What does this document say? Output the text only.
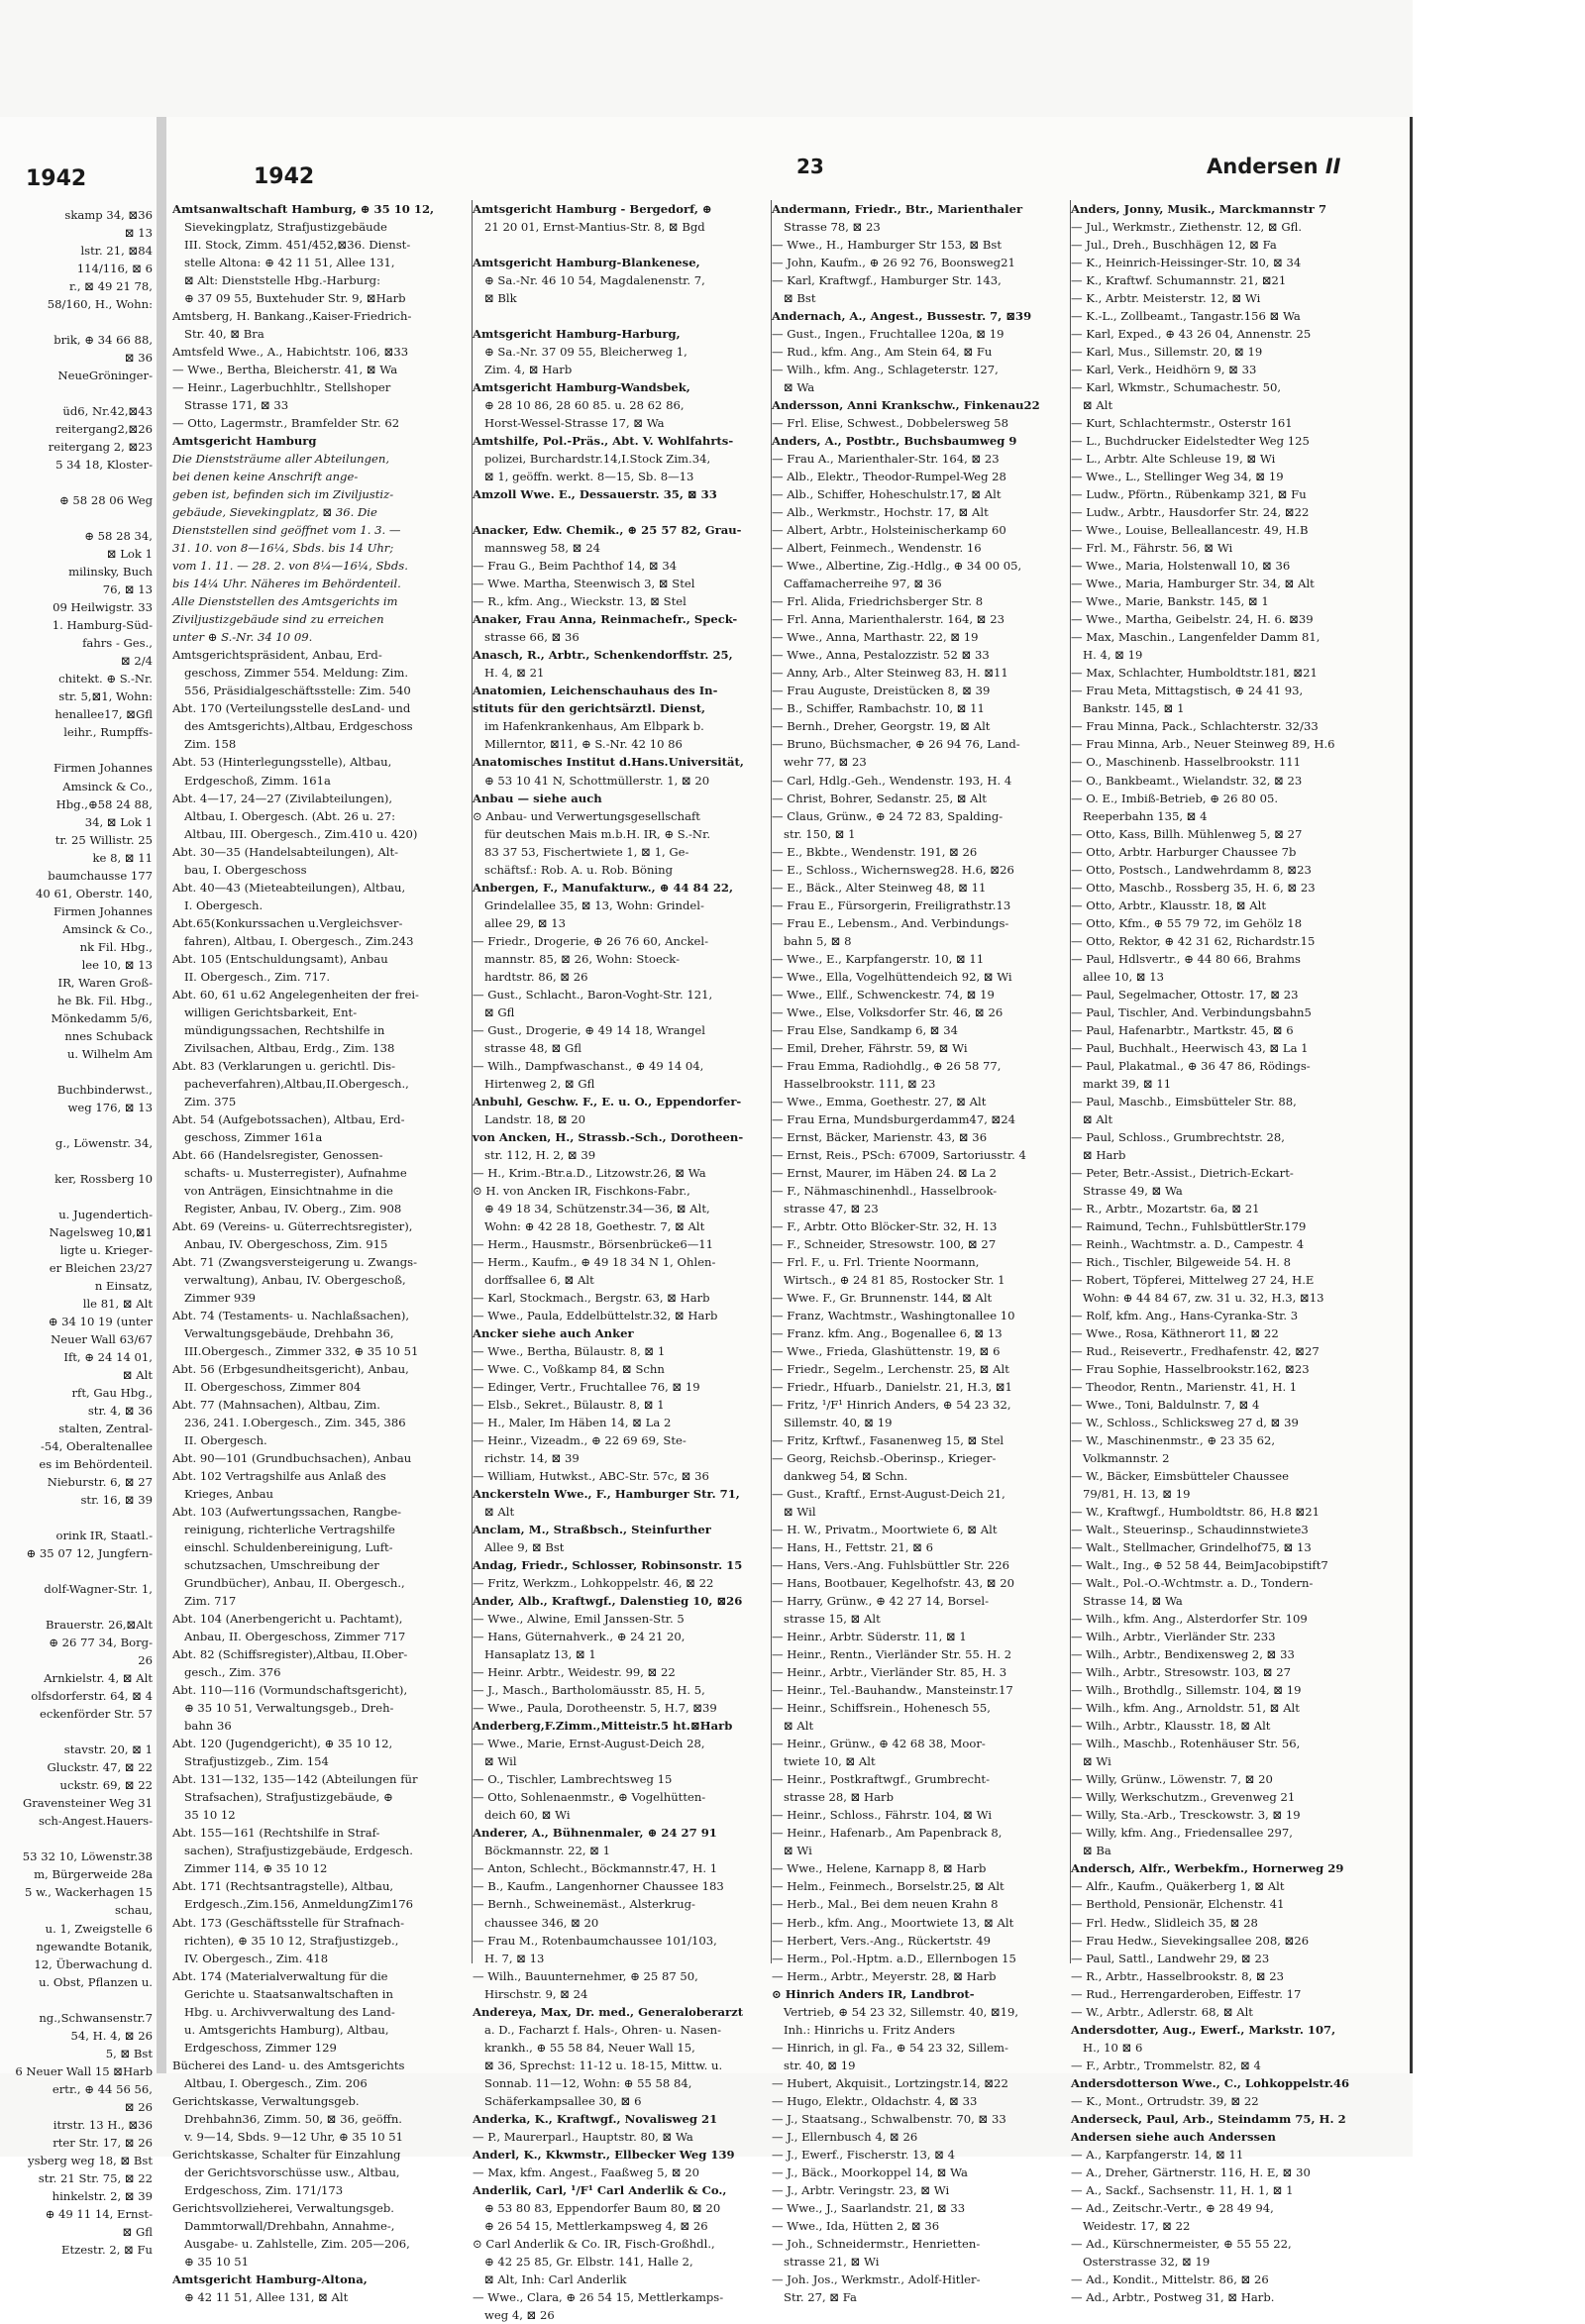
1942
skamp 34, ⊠36
⊠ 13
lstr. 21, ⊠84
114/116, ⊠ 6
r., ⊠ 49 21 78,
58/160, H., Wohn:

brik, ⊕ 34 66 88,
⊠ 36
NeueGröninger-

üd6, Nr.42,⊠43
reitergang2,⊠26
reitergang 2, ⊠23
5 34 18, Kloster-

⊕ 58 28 06 Weg

⊕ 58 28 34,
⊠ Lok 1
milinsky, Buch
76, ⊠ 13
09 Heilwigstr. 33
1. Hamburg-Süd-
fahrs - Ges.,
⊠ 2/4
chitekt. ⊕ S.-Nr.
str. 5,⊠1, Wohn:
henallee17, ⊠Gfl
leihr., Rumpffs-

Firmen Johannes
Amsinck & Co.,
Hbg.,⊕58 24 88,
34, ⊠ Lok 1
tr. 25 Willistr. 25
ke 8, ⊠ 11
baumchausse 177
40 61, Oberstr. 140,
Firmen Johannes
Amsinck & Co.,
nk Fil. Hbg.,
lee 10, ⊠ 13
IR, Waren Groß-
he Bk. Fil. Hbg.,
Mönkedamm 5/6,
nnes Schuback
u. Wilhelm Am

Buchbinderwst.,
weg 176, ⊠ 13

g., Löwenstr. 34,

ker, Rossberg 10

u. Jugendertich-
Nagelsweg 10,⊠1
ligte u. Krieger-
er Bleichen 23/27
n Einsatz,
lle 81, ⊠ Alt
⊕ 34 10 19 (unter
Neuer Wall 63/67
Ift, ⊕ 24 14 01,
⊠ Alt
rft, Gau Hbg.,
str. 4, ⊠ 36
stalten, Zentral-
-54, Oberaltenallee
es im Behördenteil.
Nieburstr. 6, ⊠ 27
str. 16, ⊠ 39

orink IR, Staatl.-
⊕ 35 07 12, Jungfern-

dolf-Wagner-Str. 1,

Brauerstr. 26,⊠Alt
⊕ 26 77 34, Borg-
26
Arnkielstr. 4, ⊠ Alt
olfsdorferstr. 64, ⊠ 4
eckenförder Str. 57

stavstr. 20, ⊠ 1
Gluckstr. 47, ⊠ 22
uckstr. 69, ⊠ 22
Gravensteiner Weg 31
sch-Angest.Hauers-

53 32 10, Löwenstr.38
m, Bürgerweide 28a
5 w., Wackerhagen 15
schau,
u. 1, Zweigstelle 6
ngewandte Botanik,
12, Überwachung d.
u. Obst, Pflanzen u.

ng.,Schwansenstr.7
54, H. 4, ⊠ 26
5, ⊠ Bst
6 Neuer Wall 15 ⊠Harb
ertr., ⊕ 44 56 56,
⊠ 26
itrstr. 13 H., ⊠36
rter Str. 17, ⊠ 26
ysberg weg 18, ⊠ Bst
str. 21 Str. 75, ⊠ 22
hinkelstr. 2, ⊠ 39
⊕ 49 11 14, Ernst-
⊠ Gfl
Etzestr. 2, ⊠ Fu
1942	23	Andersen II
Amtsanwaltschaft Hamburg, ⊕ 35 10 12,
Sievekingplatz, Strafjustizgebäude
III. Stock, Zimm. 451/452,⊠36. Dienst-
stelle Altona: ⊕ 42 11 51, Allee 131,
⊠ Alt: Dienststelle Hbg.-Harburg:
⊕ 37 09 55, Buxtehuder Str. 9, ⊠Harb
Amtsberg, H. Bankang.,Kaiser-Friedrich-
Str. 40, ⊠ Bra
Amtsfeld Wwe., A., Habichtstr. 106, ⊠33
— Wwe., Bertha, Bleicherstr. 41, ⊠ Wa
— Heinr., Lagerbuchhltr., Stellshoper
Strasse 171, ⊠ 33
— Otto, Lagermstr., Bramfelder Str. 62
Amtsgericht Hamburg
Die Dienststräume aller Abteilungen,
bei denen keine Anschrift ange-
geben ist, befinden sich im Ziviljustiz-
gebäude, Sievekingplatz, ⊠ 36. Die
Dienststellen sind geöffnet vom 1. 3. —
31. 10. von 8—16¼, Sbds. bis 14 Uhr;
vom 1. 11. — 28. 2. von 8¼—16¼, Sbds.
bis 14¼ Uhr. Näheres im Behördenteil.
Alle Dienststellen des Amtsgerichts im
Ziviljustizgebäude sind zu erreichen
unter ⊕ S.-Nr. 34 10 09.
Amtsgerichtspräsident, Anbau, Erd-
geschoss, Zimmer 554. Meldung: Zim.
556, Präsidialgeschäftsstelle: Zim. 540
Abt. 170 (Verteilungsstelle desLand- und
des Amtsgerichts),Altbau, Erdgeschoss
Zim. 158
Abt. 53 (Hinterlegungsstelle), Altbau,
Erdgeschoß, Zimm. 161a
Abt. 4—17, 24—27 (Zivilabteilungen),
Altbau, I. Obergesch. (Abt. 26 u. 27:
Altbau, III. Obergesch., Zim.410 u. 420)
Abt. 30—35 (Handelsabteilungen), Alt-
bau, I. Obergeschoss
Abt. 40—43 (Mieteabteilungen), Altbau,
I. Obergesch.
Abt.65(Konkurssachen u.Vergleichsver-
fahren), Altbau, I. Obergesch., Zim.243
Abt. 105 (Entschuldungsamt), Anbau
II. Obergesch., Zim. 717.
Abt. 60, 61 u.62 Angelegenheiten der frei-
willigen Gerichtsbarkeit, Ent-
mündigungssachen, Rechtshilfe in
Zivilsachen, Altbau, Erdg., Zim. 138
Abt. 83 (Verklarungen u. gerichtl. Dis-
pacheverfahren),Altbau,II.Obergesch.,
Zim. 375
Abt. 54 (Aufgebotssachen), Altbau, Erd-
geschoss, Zimmer 161a
Abt. 66 (Handelsregister, Genossen-
schafts- u. Musterregister), Aufnahme
von Anträgen, Einsichtnahme in die
Register, Anbau, IV. Oberg., Zim. 908
Abt. 69 (Vereins- u. Güterrechtsregister),
Anbau, IV. Obergeschoss, Zim. 915
Abt. 71 (Zwangsversteigerung u. Zwangs-
verwaltung), Anbau, IV. Obergeschoß,
Zimmer 939
Abt. 74 (Testaments- u. Nachlaßsachen),
Verwaltungsgebäude, Drehbahn 36,
III.Obergesch., Zimmer 332, ⊕ 35 10 51
Abt. 56 (Erbgesundheitsgericht), Anbau,
II. Obergeschoss, Zimmer 804
Abt. 77 (Mahnsachen), Altbau, Zim.
236, 241. I.Obergesch., Zim. 345, 386
II. Obergesch.
Abt. 90—101 (Grundbuchsachen), Anbau
Abt. 102 Vertragshilfe aus Anlaß des
Krieges, Anbau
Abt. 103 (Aufwertungssachen, Rangbe-
reinigung, richterliche Vertragshilfe
einschl. Schuldenbereinigung, Luft-
schutzsachen, Umschreibung der
Grundbücher), Anbau, II. Obergesch.,
Zim. 717
Abt. 104 (Anerbengericht u. Pachtamt),
Anbau, II. Obergeschoss, Zimmer 717
Abt. 82 (Schiffsregister),Altbau, II.Ober-
gesch., Zim. 376
Abt. 110—116 (Vormundschaftsgericht),
⊕ 35 10 51, Verwaltungsgeb., Dreh-
bahn 36
Abt. 120 (Jugendgericht), ⊕ 35 10 12,
Strafjustizgeb., Zim. 154
Abt. 131—132, 135—142 (Abteilungen für
Strafsachen), Strafjustizgebäude, ⊕
35 10 12
Abt. 155—161 (Rechtshilfe in Straf-
sachen), Strafjustizgebäude, Erdgesch.
Zimmer 114, ⊕ 35 10 12
Abt. 171 (Rechtsantragstelle), Altbau,
Erdgesch.,Zim.156, AnmeldungZim176
Abt. 173 (Geschäftsstelle für Strafnach-
richten), ⊕ 35 10 12, Strafjustizgeb.,
IV. Obergesch., Zim. 418
Abt. 174 (Materialverwaltung für die
Gerichte u. Staatsanwaltschaften in
Hbg. u. Archivverwaltung des Land-
u. Amtsgerichts Hamburg), Altbau,
Erdgeschoss, Zimmer 129
Bücherei des Land- u. des Amtsgerichts
Altbau, I. Obergesch., Zim. 206
Gerichtskasse, Verwaltungsgeb.
Drehbahn36, Zimm. 50, ⊠ 36, geöffn.
v. 9—14, Sbds. 9—12 Uhr, ⊕ 35 10 51
Gerichtskasse, Schalter für Einzahlung
der Gerichtsvorschüsse usw., Altbau,
Erdgeschoss, Zim. 171/173
Gerichtsvollzieherei, Verwaltungsgeb.
Dammtorwall/Drehbahn, Annahme-,
Ausgabe- u. Zahlstelle, Zim. 205—206,
⊕ 35 10 51
Amtsgericht Hamburg-Altona,
⊕ 42 11 51, Allee 131, ⊠ Alt
Amtsgericht Hamburg - Bergedorf, ⊕
21 20 01, Ernst-Mantius-Str. 8, ⊠ Bgd

Amtsgericht Hamburg-Blankenese,
⊕ Sa.-Nr. 46 10 54, Magdalenenstr. 7,
⊠ Blk

Amtsgericht Hamburg-Harburg,
⊕ Sa.-Nr. 37 09 55, Bleicherweg 1,
Zim. 4, ⊠ Harb
Amtsgericht Hamburg-Wandsbek,
⊕ 28 10 86, 28 60 85. u. 28 62 86,
Horst-Wessel-Strasse 17, ⊠ Wa
Amtshilfe, Pol.-Präs., Abt. V. Wohlfahrts-
polizei, Burchardstr.14,I.Stock Zim.34,
⊠ 1, geöffn. werkt. 8—15, Sb. 8—13
Amzoll Wwe. E., Dessauerstr. 35, ⊠ 33

Anacker, Edw. Chemik., ⊕ 25 57 82, Grau-
mannsweg 58, ⊠ 24
— Frau G., Beim Pachthof 14, ⊠ 34
— Wwe. Martha, Steenwisch 3, ⊠ Stel
— R., kfm. Ang., Wieckstr. 13, ⊠ Stel
Anaker, Frau Anna, Reinmachefr., Speck-
strasse 66, ⊠ 36
Anasch, R., Arbtr., Schenkendorffstr. 25,
H. 4, ⊠ 21
Anatomien, Leichenschauhaus des In-
stituts für den gerichtsärztl. Dienst,
im Hafenkrankenhaus, Am Elbpark b.
Millerntor, ⊠11, ⊕ S.-Nr. 42 10 86
Anatomisches Institut d.Hans.Universität,
⊕ 53 10 41 N, Schottmüllerstr. 1, ⊠ 20
Anbau — siehe auch
⊙ Anbau- und Verwertungsgesellschaft
für deutschen Mais m.b.H. IR, ⊕ S.-Nr.
83 37 53, Fischertwiete 1, ⊠ 1, Ge-
schäftsf.: Rob. A. u. Rob. Böning
Anbergen, F., Manufakturw., ⊕ 44 84 22,
Grindelallee 35, ⊠ 13, Wohn: Grindel-
allee 29, ⊠ 13
— Friedr., Drogerie, ⊕ 26 76 60, Anckel-
mannstr. 85, ⊠ 26, Wohn: Stoeck-
hardtstr. 86, ⊠ 26
— Gust., Schlacht., Baron-Voght-Str. 121,
⊠ Gfl
— Gust., Drogerie, ⊕ 49 14 18, Wrangel
strasse 48, ⊠ Gfl
— Wilh., Dampfwaschanst., ⊕ 49 14 04,
Hirtenweg 2, ⊠ Gfl
Anbuhl, Geschw. F., E. u. O., Eppendorfer-
Landstr. 18, ⊠ 20
von Ancken, H., Strassb.-Sch., Dorotheen-
str. 112, H. 2, ⊠ 39
— H., Krim.-Btr.a.D., Litzowstr.26, ⊠ Wa
⊙ H. von Ancken IR, Fischkons-Fabr.,
⊕ 49 18 34, Schützenstr.34—36, ⊠ Alt,
Wohn: ⊕ 42 28 18, Goethestr. 7, ⊠ Alt
— Herm., Hausmstr., Börsenbrücke6—11
— Herm., Kaufm., ⊕ 49 18 34 N 1, Ohlen-
dorffsallee 6, ⊠ Alt
— Karl, Stockmach., Bergstr. 63, ⊠ Harb
— Wwe., Paula, Eddelbüttelstr.32, ⊠ Harb
Ancker siehe auch Anker
— Wwe., Bertha, Bülaustr. 8, ⊠ 1
— Wwe. C., Voßkamp 84, ⊠ Schn
— Edinger, Vertr., Fruchtallee 76, ⊠ 19
— Elsb., Sekret., Bülaustr. 8, ⊠ 1
— H., Maler, Im Häben 14, ⊠ La 2
— Heinr., Vizeadm., ⊕ 22 69 69, Ste-
richstr. 14, ⊠ 39
— William, Hutwkst., ABC-Str. 57c, ⊠ 36
Anckersteln Wwe., F., Hamburger Str. 71,
⊠ Alt
Anclam, M., Straßbsch., Steinfurther
Allee 9, ⊠ Bst
Andag, Friedr., Schlosser, Robinsonstr. 15
— Fritz, Werkzm., Lohkoppelstr. 46, ⊠ 22
Ander, Alb., Kraftwgf., Dalenstieg 10, ⊠26
— Wwe., Alwine, Emil Janssen-Str. 5
— Hans, Güternahverk., ⊕ 24 21 20,
Hansaplatz 13, ⊠ 1
— Heinr. Arbtr., Weidestr. 99, ⊠ 22
— J., Masch., Bartholomäusstr. 85, H. 5,
— Wwe., Paula, Dorotheenstr. 5, H.7, ⊠39
Anderberg,F.Zimm.,Mitteistr.5 ht.⊠Harb
— Wwe., Marie, Ernst-August-Deich 28,
⊠ Wil
— O., Tischler, Lambrechtsweg 15
— Otto, Sohlenaenmstr., ⊕ Vogelhütten-
deich 60, ⊠ Wi
Anderer, A., Bühnenmaler, ⊕ 24 27 91
Böckmannstr. 22, ⊠ 1
— Anton, Schlecht., Böckmannstr.47, H. 1
— B., Kaufm., Langenhorner Chaussee 183
— Bernh., Schweinemäst., Alsterkrug-
chaussee 346, ⊠ 20
— Frau M., Rotenbaumchaussee 101/103,
H. 7, ⊠ 13
— Wilh., Bauunternehmer, ⊕ 25 87 50,
Hirschstr. 9, ⊠ 24
Andereya, Max, Dr. med., Generaloberarzt
a. D., Facharzt f. Hals-, Ohren- u. Nasen-
krankh., ⊕ 55 58 84, Neuer Wall 15,
⊠ 36, Sprechst: 11-12 u. 18-15, Mittw. u.
Sonnab. 11—12, Wohn: ⊕ 55 58 84,
Schäferkampsallee 30, ⊠ 6
Anderka, K., Kraftwgf., Novalisweg 21
— P., Maurerparl., Hauptstr. 80, ⊠ Wa
Anderl, K., Kkwmstr., Ellbecker Weg 139
— Max, kfm. Angest., Faaßweg 5, ⊠ 20
Anderlik, Carl, ¹/F¹ Carl Anderlik & Co.,
⊕ 53 80 83, Eppendorfer Baum 80, ⊠ 20
⊕ 26 54 15, Mettlerkampsweg 4, ⊠ 26
⊙ Carl Anderlik & Co. IR, Fisch-Großhdl.,
⊕ 42 25 85, Gr. Elbstr. 141, Halle 2,
⊠ Alt, Inh: Carl Anderlik
— Wwe., Clara, ⊕ 26 54 15, Mettlerkamps-
weg 4, ⊠ 26
Andermann, Friedr., Btr., Marienthaler
Strasse 78, ⊠ 23
— Wwe., H., Hamburger Str 153, ⊠ Bst
— John, Kaufm., ⊕ 26 92 76, Boonsweg21
— Karl, Kraftwgf., Hamburger Str. 143,
⊠ Bst
Andernach, A., Angest., Bussestr. 7, ⊠39
— Gust., Ingen., Fruchtallee 120a, ⊠ 19
— Rud., kfm. Ang., Am Stein 64, ⊠ Fu
— Wilh., kfm. Ang., Schlageterstr. 127,
⊠ Wa
Andersson, Anni Krankschw., Finkenau22
— Frl. Elise, Schwest., Dobbelersweg 58
Anders, A., Postbtr., Buchsbaumweg 9
— Frau A., Marienthaler-Str. 164, ⊠ 23
— Alb., Elektr., Theodor-Rumpel-Weg 28
— Alb., Schiffer, Hoheschulstr.17, ⊠ Alt
— Alb., Werkmstr., Hochstr. 17, ⊠ Alt
— Albert, Arbtr., Holsteinischerkamp 60
— Albert, Feinmech., Wendenstr. 16
— Wwe., Albertine, Zig.-Hdlg., ⊕ 34 00 05,
Caffamacherreihe 97, ⊠ 36
— Frl. Alida, Friedrichsberger Str. 8
— Frl. Anna, Marienthalerstr. 164, ⊠ 23
— Wwe., Anna, Marthastr. 22, ⊠ 19
— Wwe., Anna, Pestalozzistr. 52 ⊠ 33
— Anny, Arb., Alter Steinweg 83, H. ⊠11
— Frau Auguste, Dreistücken 8, ⊠ 39
— B., Schiffer, Rambachstr. 10, ⊠ 11
— Bernh., Dreher, Georgstr. 19, ⊠ Alt
— Bruno, Büchsmacher, ⊕ 26 94 76, Land-
wehr 77, ⊠ 23
— Carl, Hdlg.-Geh., Wendenstr. 193, H. 4
— Christ, Bohrer, Sedanstr. 25, ⊠ Alt
— Claus, Grünw., ⊕ 24 72 83, Spalding-
str. 150, ⊠ 1
— E., Bkbte., Wendenstr. 191, ⊠ 26
— E., Schloss., Wichernsweg28. H.6, ⊠26
— E., Bäck., Alter Steinweg 48, ⊠ 11
— Frau E., Fürsorgerin, Freiligrathstr.13
— Frau E., Lebensm., And. Verbindungs-
bahn 5, ⊠ 8
— Wwe., E., Karpfangerstr. 10, ⊠ 11
— Wwe., Ella, Vogelhüttendeich 92, ⊠ Wi
— Wwe., Ellf., Schwenckestr. 74, ⊠ 19
— Wwe., Else, Volksdorfer Str. 46, ⊠ 26
— Frau Else, Sandkamp 6, ⊠ 34
— Emil, Dreher, Fährstr. 59, ⊠ Wi
— Frau Emma, Radiohdlg., ⊕ 26 58 77,
Hasselbrookstr. 111, ⊠ 23
— Wwe., Emma, Goethestr. 27, ⊠ Alt
— Frau Erna, Mundsburgerdamm47, ⊠24
— Ernst, Bäcker, Marienstr. 43, ⊠ 36
— Ernst, Reis., PSch: 67009, Sartoriusstr. 4
— Ernst, Maurer, im Häben 24. ⊠ La 2
— F., Nähmaschinenhdl., Hasselbrook-
strasse 47, ⊠ 23
— F., Arbtr. Otto Blöcker-Str. 32, H. 13
— F., Schneider, Stresowstr. 100, ⊠ 27
— Frl. F., u. Frl. Triente Noormann,
Wirtsch., ⊕ 24 81 85, Rostocker Str. 1
— Wwe. F., Gr. Brunnenstr. 144, ⊠ Alt
— Franz, Wachtmstr., Washingtonallee 10
— Franz. kfm. Ang., Bogenallee 6, ⊠ 13
— Wwe., Frieda, Glashüttenstr. 19, ⊠ 6
— Friedr., Segelm., Lerchenstr. 25, ⊠ Alt
— Friedr., Hfuarb., Danielstr. 21, H.3, ⊠1
— Fritz, ¹/F¹ Hinrich Anders, ⊕ 54 23 32,
Sillemstr. 40, ⊠ 19
— Fritz, Krftwf., Fasanenweg 15, ⊠ Stel
— Georg, Reichsb.-Oberinsp., Krieger-
dankweg 54, ⊠ Schn.
— Gust., Kraftf., Ernst-August-Deich 21,
⊠ Wil
— H. W., Privatm., Moortwiete 6, ⊠ Alt
— Hans, H., Fettstr. 21, ⊠ 6
— Hans, Vers.-Ang. Fuhlsbüttler Str. 226
— Hans, Bootbauer, Kegelhofstr. 43, ⊠ 20
— Harry, Grünw., ⊕ 42 27 14, Borsel-
strasse 15, ⊠ Alt
— Heinr., Arbtr. Süderstr. 11, ⊠ 1
— Heinr., Rentn., Vierländer Str. 55. H. 2
— Heinr., Arbtr., Vierländer Str. 85, H. 3
— Heinr., Tel.-Bauhandw., Mansteinstr.17
— Heinr., Schiffsrein., Hohenesch 55,
⊠ Alt
— Heinr., Grünw., ⊕ 42 68 38, Moor-
twiete 10, ⊠ Alt
— Heinr., Postkraftwgf., Grumbrecht-
strasse 28, ⊠ Harb
— Heinr., Schloss., Fährstr. 104, ⊠ Wi
— Heinr., Hafenarb., Am Papenbrack 8,
⊠ Wi
— Wwe., Helene, Karnapp 8, ⊠ Harb
— Helm., Feinmech., Borselstr.25, ⊠ Alt
— Herb., Mal., Bei dem neuen Krahn 8
— Herb., kfm. Ang., Moortwiete 13, ⊠ Alt
— Herbert, Vers.-Ang., Rückertstr. 49
— Herm., Pol.-Hptm. a.D., Ellernbogen 15
— Herm., Arbtr., Meyerstr. 28, ⊠ Harb
⊙ Hinrich Anders IR, Landbrot-
Vertrieb, ⊕ 54 23 32, Sillemstr. 40, ⊠19,
Inh.: Hinrichs u. Fritz Anders
— Hinrich, in gl. Fa., ⊕ 54 23 32, Sillem-
str. 40, ⊠ 19
— Hubert, Akquisit., Lortzingstr.14, ⊠22
— Hugo, Elektr., Oldachstr. 4, ⊠ 33
— J., Staatsang., Schwalbenstr. 70, ⊠ 33
— J., Ellernbusch 4, ⊠ 26
— J., Ewerf., Fischerstr. 13, ⊠ 4
— J., Bäck., Moorkoppel 14, ⊠ Wa
— J., Arbtr. Veringstr. 23, ⊠ Wi
— Wwe., J., Saarlandstr. 21, ⊠ 33
— Wwe., Ida, Hütten 2, ⊠ 36
— Joh., Schneidermstr., Henrietten-
strasse 21, ⊠ Wi
— Joh. Jos., Werkmstr., Adolf-Hitler-
Str. 27, ⊠ Fa
Anders, Jonny, Musik., Marckmannstr 7
— Jul., Werkmstr., Ziethenstr. 12, ⊠ Gfl.
— Jul., Dreh., Buschhägen 12, ⊠ Fa
— K., Heinrich-Heissinger-Str. 10, ⊠ 34
— K., Kraftwf. Schumannstr. 21, ⊠21
— K., Arbtr. Meisterstr. 12, ⊠ Wi
— K.-L., Zollbeamt., Tangastr.156 ⊠ Wa
— Karl, Exped., ⊕ 43 26 04, Annenstr. 25
— Karl, Mus., Sillemstr. 20, ⊠ 19
— Karl, Verk., Heidhörn 9, ⊠ 33
— Karl, Wkmstr., Schumachestr. 50,
⊠ Alt
— Kurt, Schlachtermstr., Osterstr 161
— L., Buchdrucker Eidelstedter Weg 125
— L., Arbtr. Alte Schleuse 19, ⊠ Wi
— Wwe., L., Stellinger Weg 34, ⊠ 19
— Ludw., Pförtn., Rübenkamp 321, ⊠ Fu
— Ludw., Arbtr., Hausdorfer Str. 24, ⊠22
— Wwe., Louise, Belleallancestr. 49, H.B
— Frl. M., Fährstr. 56, ⊠ Wi
— Wwe., Maria, Holstenwall 10, ⊠ 36
— Wwe., Maria, Hamburger Str. 34, ⊠ Alt
— Wwe., Marie, Bankstr. 145, ⊠ 1
— Wwe., Martha, Geibelstr. 24, H. 6. ⊠39
— Max, Maschin., Langenfelder Damm 81,
H. 4, ⊠ 19
— Max, Schlachter, Humboldtstr.181, ⊠21
— Frau Meta, Mittagstisch, ⊕ 24 41 93,
Bankstr. 145, ⊠ 1
— Frau Minna, Pack., Schlachterstr. 32/33
— Frau Minna, Arb., Neuer Steinweg 89, H.6
— O., Maschinenb. Hasselbrookstr. 111
— O., Bankbeamt., Wielandstr. 32, ⊠ 23
— O. E., Imbiß-Betrieb, ⊕ 26 80 05.
Reeperbahn 135, ⊠ 4
— Otto, Kass, Billh. Mühlenweg 5, ⊠ 27
— Otto, Arbtr. Harburger Chaussee 7b
— Otto, Postsch., Landwehrdamm 8, ⊠23
— Otto, Maschb., Rossberg 35, H. 6, ⊠ 23
— Otto, Arbtr., Klausstr. 18, ⊠ Alt
— Otto, Kfm., ⊕ 55 79 72, im Gehölz 18
— Otto, Rektor, ⊕ 42 31 62, Richardstr.15
— Paul, Hdlsvertr., ⊕ 44 80 66, Brahms
allee 10, ⊠ 13
— Paul, Segelmacher, Ottostr. 17, ⊠ 23
— Paul, Tischler, And. Verbindungsbahn5
— Paul, Hafenarbtr., Martkstr. 45, ⊠ 6
— Paul, Buchhalt., Heerwisch 43, ⊠ La 1
— Paul, Plakatmal., ⊕ 36 47 86, Rödings-
markt 39, ⊠ 11
— Paul, Maschb., Eimsbütteler Str. 88,
⊠ Alt
— Paul, Schloss., Grumbrechtstr. 28,
⊠ Harb
— Peter, Betr.-Assist., Dietrich-Eckart-
Strasse 49, ⊠ Wa
— R., Arbtr., Mozartstr. 6a, ⊠ 21
— Raimund, Techn., FuhlsbüttlerStr.179
— Reinh., Wachtmstr. a. D., Campestr. 4
— Rich., Tischler, Bilgeweide 54. H. 8
— Robert, Töpferei, Mittelweg 27 24, H.E
Wohn: ⊕ 44 84 67, zw. 31 u. 32, H.3, ⊠13
— Rolf, kfm. Ang., Hans-Cyranka-Str. 3
— Wwe., Rosa, Käthnerort 11, ⊠ 22
— Rud., Reisevertr., Fredhafenstr. 42, ⊠27
— Frau Sophie, Hasselbrookstr.162, ⊠23
— Theodor, Rentn., Marienstr. 41, H. 1
— Wwe., Toni, Baldulnstr. 7, ⊠ 4
— W., Schloss., Schlicksweg 27 d, ⊠ 39
— W., Maschinenmstr., ⊕ 23 35 62,
Volkmannstr. 2
— W., Bäcker, Eimsbütteler Chaussee
79/81, H. 13, ⊠ 19
— W., Kraftwgf., Humboldtstr. 86, H.8 ⊠21
— Walt., Steuerinsp., Schaudinnstwiete3
— Walt., Stellmacher, Grindelhof75, ⊠ 13
— Walt., Ing., ⊕ 52 58 44, BeimJacobipstift7
— Walt., Pol.-O.-Wchtmstr. a. D., Tondern-
Strasse 14, ⊠ Wa
— Wilh., kfm. Ang., Alsterdorfer Str. 109
— Wilh., Arbtr., Vierländer Str. 233
— Wilh., Arbtr., Bendixensweg 2, ⊠ 33
— Wilh., Arbtr., Stresowstr. 103, ⊠ 27
— Wilh., Brothdlg., Sillemstr. 104, ⊠ 19
— Wilh., kfm. Ang., Arnoldstr. 51, ⊠ Alt
— Wilh., Arbtr., Klausstr. 18, ⊠ Alt
— Wilh., Maschb., Rotenhäuser Str. 56,
⊠ Wi
— Willy, Grünw., Löwenstr. 7, ⊠ 20
— Willy, Werkschutzm., Grevenweg 21
— Willy, Sta.-Arb., Tresckowstr. 3, ⊠ 19
— Willy, kfm. Ang., Friedensallee 297,
⊠ Ba
Andersch, Alfr., Werbekfm., Hornerweg 29
— Alfr., Kaufm., Quäkerberg 1, ⊠ Alt
— Berthold, Pensionär, Elchenstr. 41
— Frl. Hedw., Slidleich 35, ⊠ 28
— Frau Hedw., Sievekingsallee 208, ⊠26
— Paul, Sattl., Landwehr 29, ⊠ 23
— R., Arbtr., Hasselbrookstr. 8, ⊠ 23
— Rud., Herrengarderoben, Eiffestr. 17
— W., Arbtr., Adlerstr. 68, ⊠ Alt
Andersdotter, Aug., Ewerf., Markstr. 107,
H., 10 ⊠ 6
— F., Arbtr., Trommelstr. 82, ⊠ 4
Andersdotterson Wwe., C., Lohkoppelstr.46
— K., Mont., Ortrudstr. 39, ⊠ 22
Anderseck, Paul, Arb., Steindamm 75, H. 2
Andersen siehe auch Anderssen
— A., Karpfangerstr. 14, ⊠ 11
— A., Dreher, Gärtnerstr. 116, H. E, ⊠ 30
— A., Sackf., Sachsenstr. 11, H. 1, ⊠ 1
— Ad., Zeitschr.-Vertr., ⊕ 28 49 94,
Weidestr. 17, ⊠ 22
— Ad., Kürschnermeister, ⊕ 55 55 22,
Osterstrasse 32, ⊠ 19
— Ad., Kondit., Mittelstr. 86, ⊠ 26
— Ad., Arbtr., Postweg 31, ⊠ Harb.
